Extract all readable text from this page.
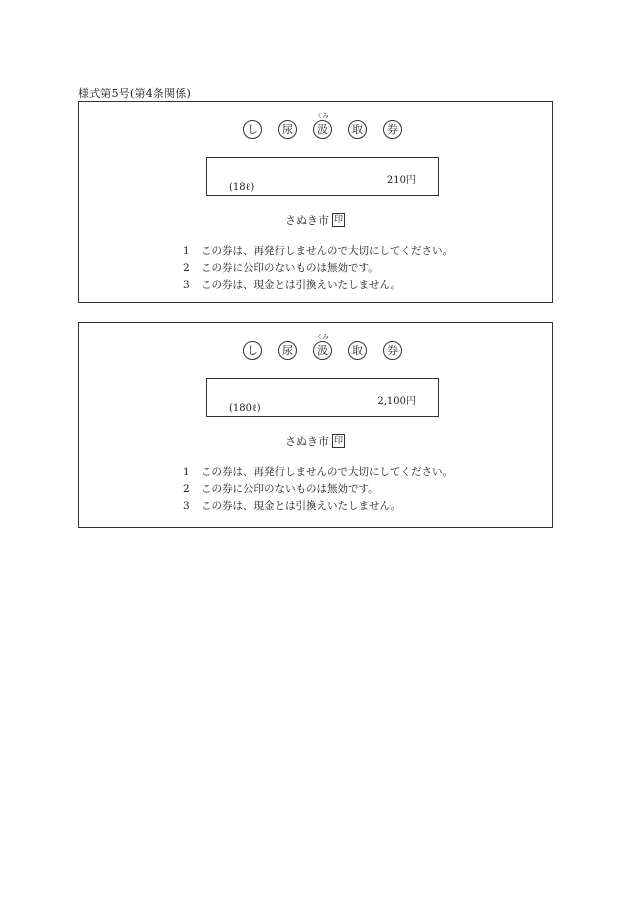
様式第5号(第4条関係)
し	尿
くみ
汲	取	券
210円
(18ℓ)
さぬき市 印
1	この券は、再発行しませんので大切にしてください。
2	この券に公印のないものは無効です。
3	この券は、現金とは引換えいたしません。
し	尿
くみ
汲	取	券
2,100円
(180ℓ)
さぬき市 印
1	この券は、再発行しませんので大切にしてください。
2	この券に公印のないものは無効です。
3	この券は、現金とは引換えいたしません。
